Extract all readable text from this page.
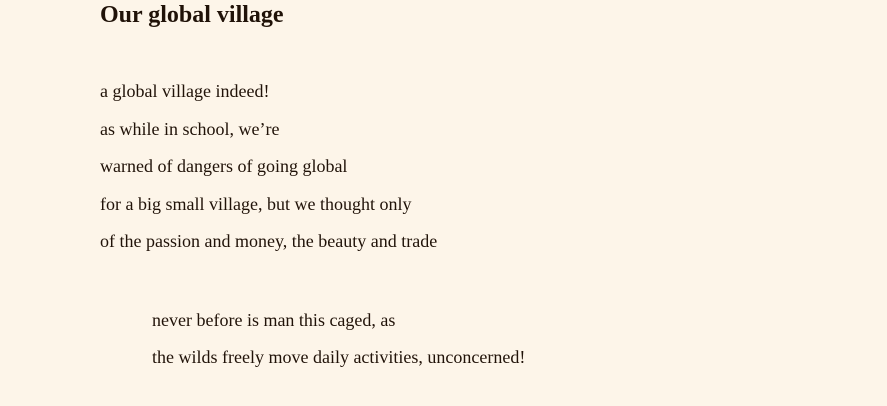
Our global village

a global village indeed!

as while in school, we’re

warned of dangers of going global

for a big small village, but we thought only

of the passion and money, the beauty and trade

never before is man this caged, as

the wilds freely move daily activities, unconcerned!
